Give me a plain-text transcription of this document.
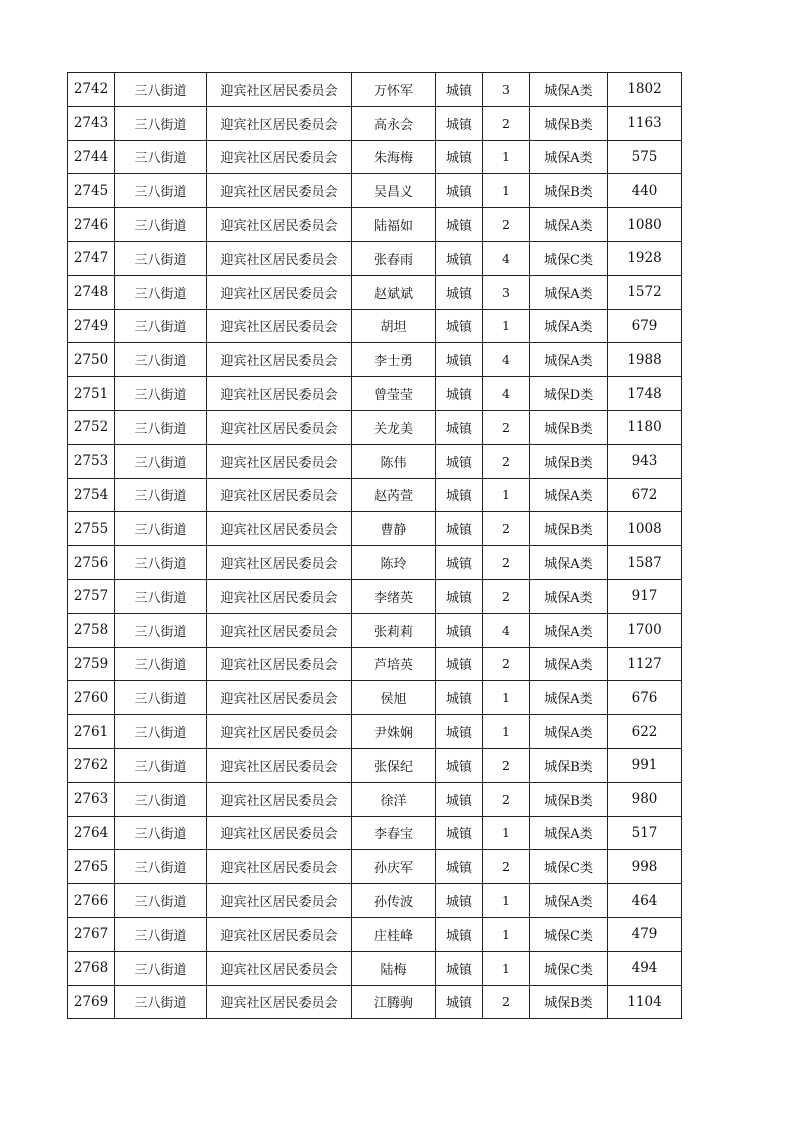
2742	三八街道	迎宾社区居民委员会	万怀军	城镇	3	城保A类	1802
2743	三八街道	迎宾社区居民委员会	高永会	城镇	2	城保B类	1163
2744	三八街道	迎宾社区居民委员会	朱海梅	城镇	1	城保A类	575
2745	三八街道	迎宾社区居民委员会	吴昌义	城镇	1	城保B类	440
2746	三八街道	迎宾社区居民委员会	陆福如	城镇	2	城保A类	1080
2747	三八街道	迎宾社区居民委员会	张春雨	城镇	4	城保C类	1928
2748	三八街道	迎宾社区居民委员会	赵斌斌	城镇	3	城保A类	1572
2749	三八街道	迎宾社区居民委员会	胡坦	城镇	1	城保A类	679
2750	三八街道	迎宾社区居民委员会	李士勇	城镇	4	城保A类	1988
2751	三八街道	迎宾社区居民委员会	曾莹莹	城镇	4	城保D类	1748
2752	三八街道	迎宾社区居民委员会	关龙美	城镇	2	城保B类	1180
2753	三八街道	迎宾社区居民委员会	陈伟	城镇	2	城保B类	943
2754	三八街道	迎宾社区居民委员会	赵芮萱	城镇	1	城保A类	672
2755	三八街道	迎宾社区居民委员会	曹静	城镇	2	城保B类	1008
2756	三八街道	迎宾社区居民委员会	陈玲	城镇	2	城保A类	1587
2757	三八街道	迎宾社区居民委员会	李绪英	城镇	2	城保A类	917
2758	三八街道	迎宾社区居民委员会	张莉莉	城镇	4	城保A类	1700
2759	三八街道	迎宾社区居民委员会	芦培英	城镇	2	城保A类	1127
2760	三八街道	迎宾社区居民委员会	侯旭	城镇	1	城保A类	676
2761	三八街道	迎宾社区居民委员会	尹姝娴	城镇	1	城保A类	622
2762	三八街道	迎宾社区居民委员会	张保纪	城镇	2	城保B类	991
2763	三八街道	迎宾社区居民委员会	徐洋	城镇	2	城保B类	980
2764	三八街道	迎宾社区居民委员会	李春宝	城镇	1	城保A类	517
2765	三八街道	迎宾社区居民委员会	孙庆军	城镇	2	城保C类	998
2766	三八街道	迎宾社区居民委员会	孙传波	城镇	1	城保A类	464
2767	三八街道	迎宾社区居民委员会	庄桂峰	城镇	1	城保C类	479
2768	三八街道	迎宾社区居民委员会	陆梅	城镇	1	城保C类	494
2769	三八街道	迎宾社区居民委员会	江腾驹	城镇	2	城保B类	1104
